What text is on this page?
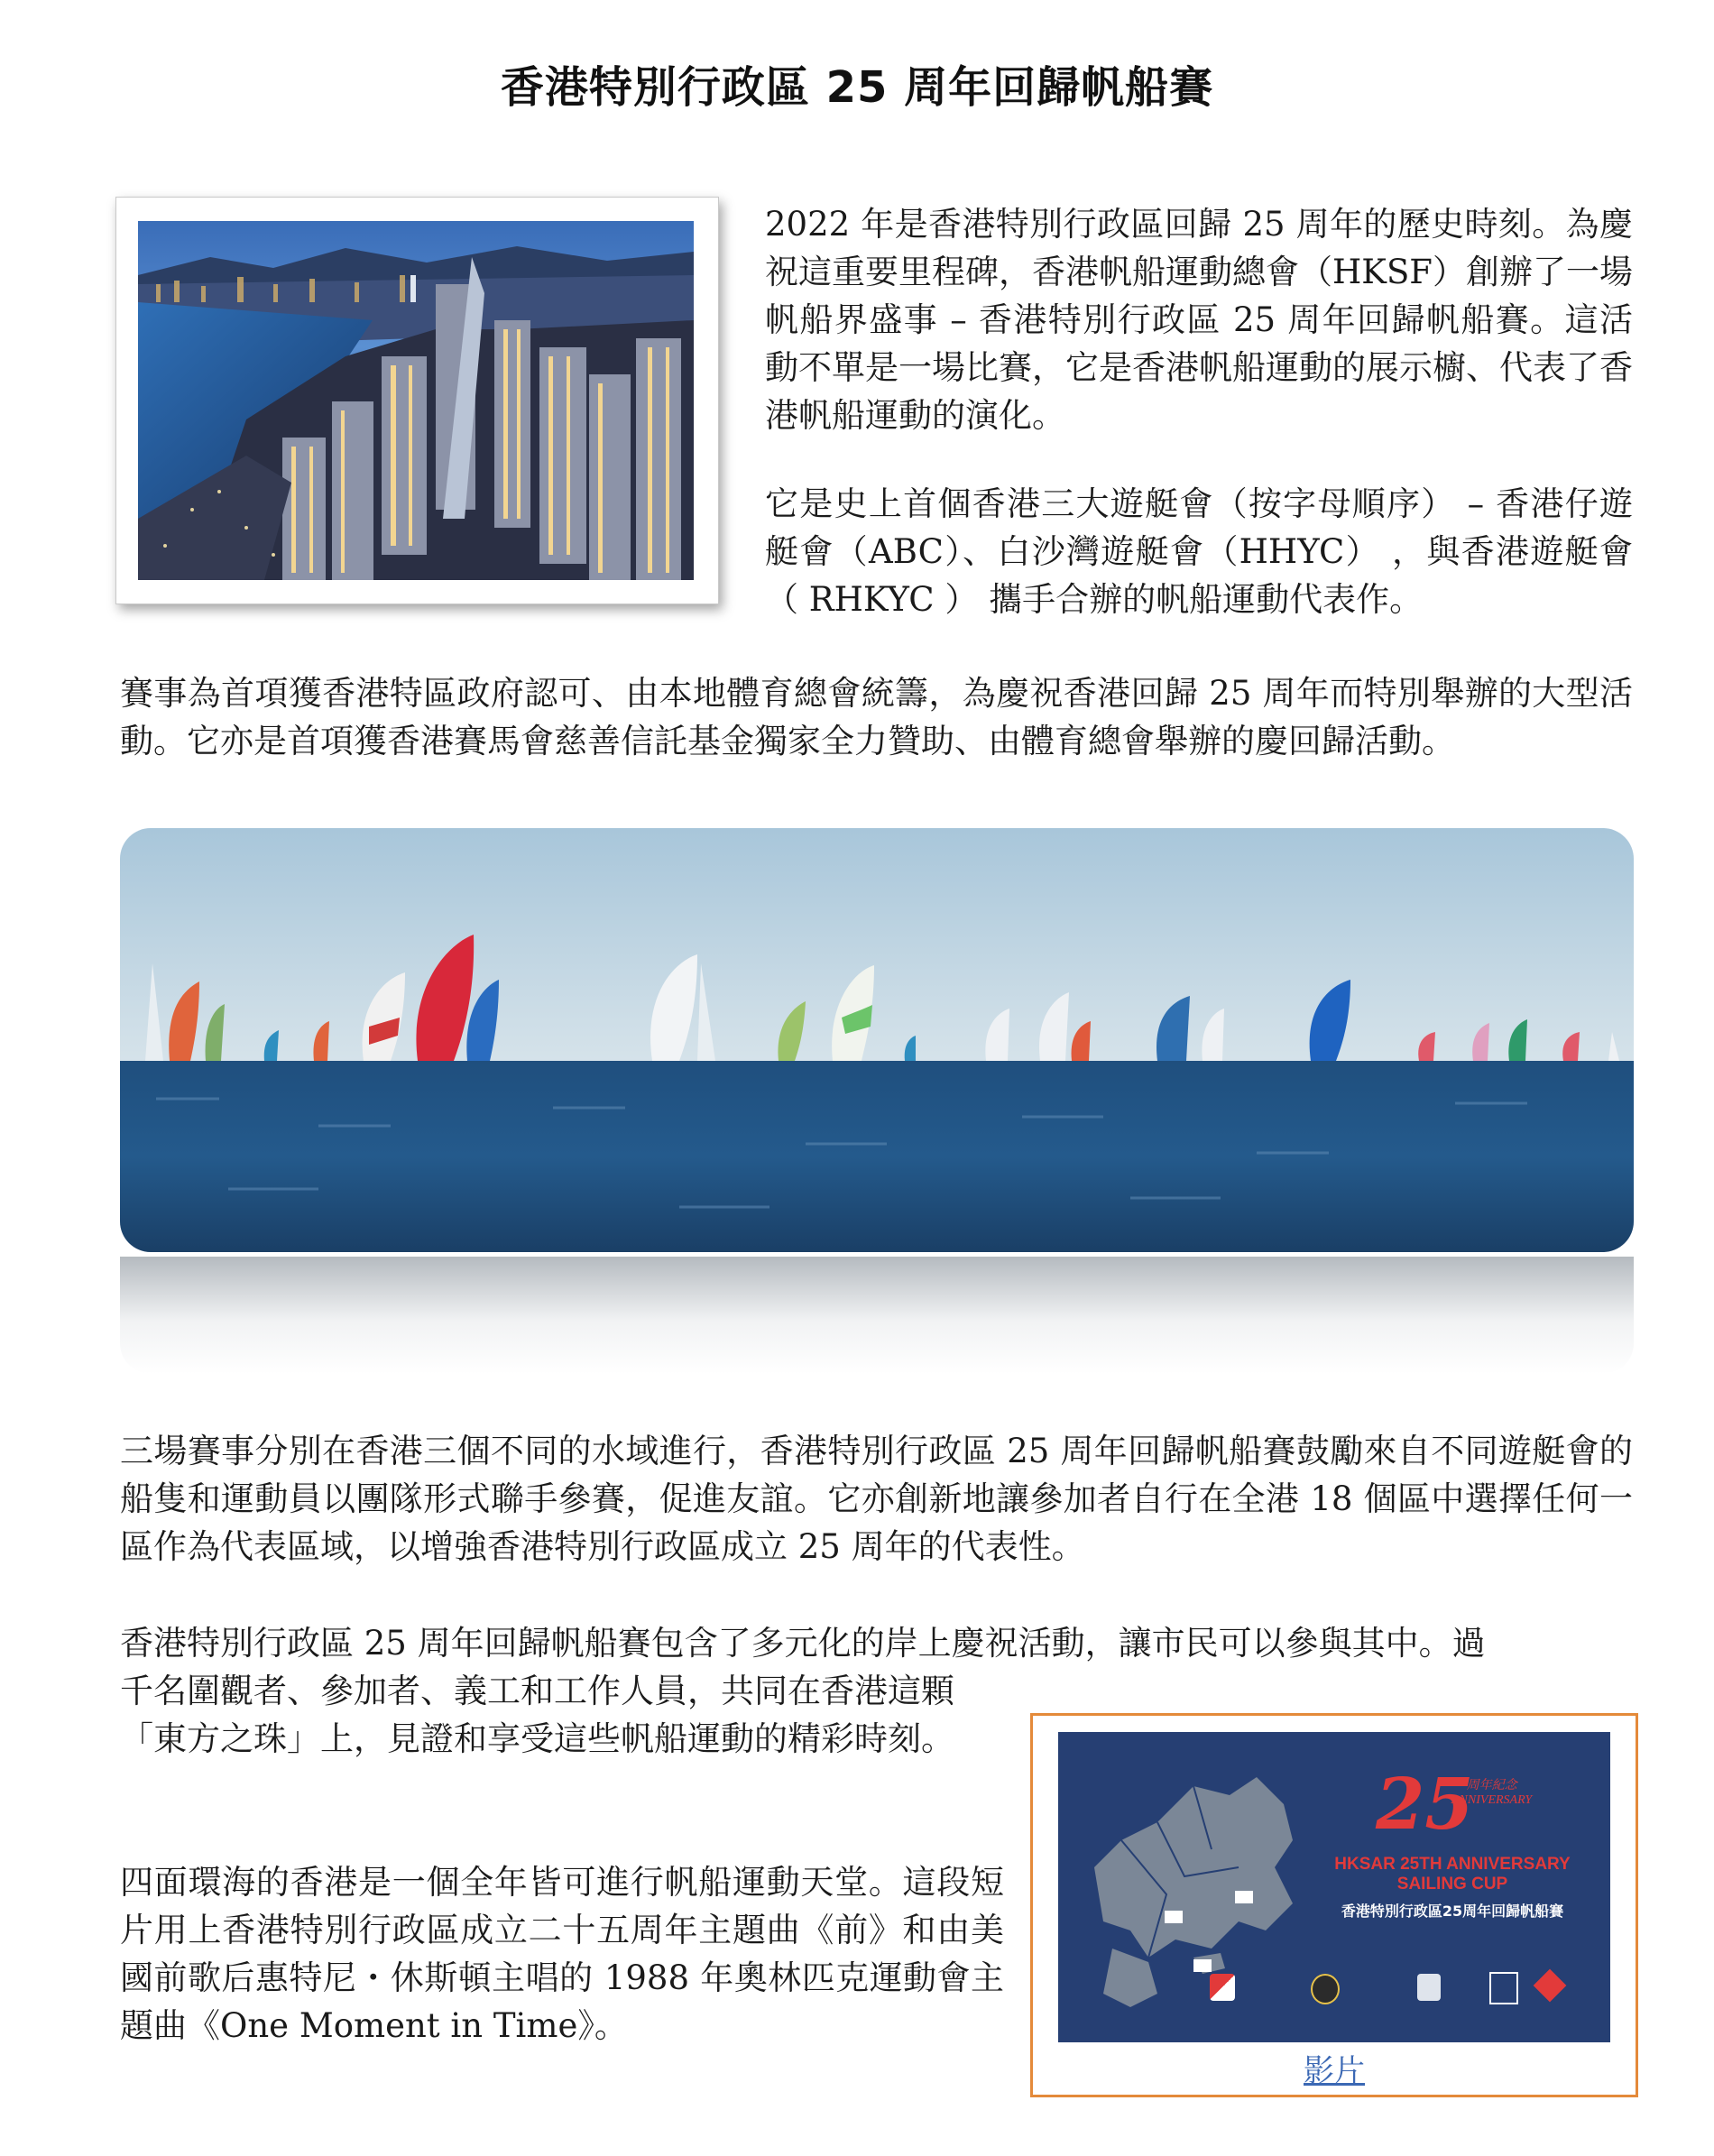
香港特別行政區 25 周年回歸帆船賽

2022 年是香港特別行政區回歸 25 周年的歷史時刻。為慶祝這重要里程碑，香港帆船運動總會（HKSF）創辦了一場帆船界盛事 – 香港特別行政區 25 周年回歸帆船賽。這活動不單是一場比賽，它是香港帆船運動的展示櫥、代表了香港帆船運動的演化。

它是史上首個香港三大遊艇會（按字母順序） – 香港仔遊艇會（ABC）、白沙灣遊艇會（HHYC） ，與香港遊艇會（ RHKYC ） 攜手合辦的帆船運動代表作。

賽事為首項獲香港特區政府認可、由本地體育總會統籌，為慶祝香港回歸 25 周年而特別舉辦的大型活動。它亦是首項獲香港賽馬會慈善信託基金獨家全力贊助、由體育總會舉辦的慶回歸活動。

三場賽事分別在香港三個不同的水域進行，香港特別行政區 25 周年回歸帆船賽鼓勵來自不同遊艇會的船隻和運動員以團隊形式聯手參賽，促進友誼。它亦創新地讓參加者自行在全港 18 個區中選擇任何一區作為代表區域，以增強香港特別行政區成立 25 周年的代表性。

香港特別行政區 25 周年回歸帆船賽包含了多元化的岸上慶祝活動，讓市民可以參與其中。過

千名圍觀者、參加者、義工和工作人員，共同在香港這顆「東方之珠」上，見證和享受這些帆船運動的精彩時刻。

四面環海的香港是一個全年皆可進行帆船運動天堂。這段短片用上香港特別行政區成立二十五周年主題曲《前》和由美國前歌后惠特尼・休斯頓主唱的 1988 年奧林匹克運動會主題曲《One Moment in Time》。

25
周年紀念
ANNIVERSARY
HKSAR 25TH ANNIVERSARY
SAILING CUP
香港特別行政區25周年回歸帆船賽
影片
